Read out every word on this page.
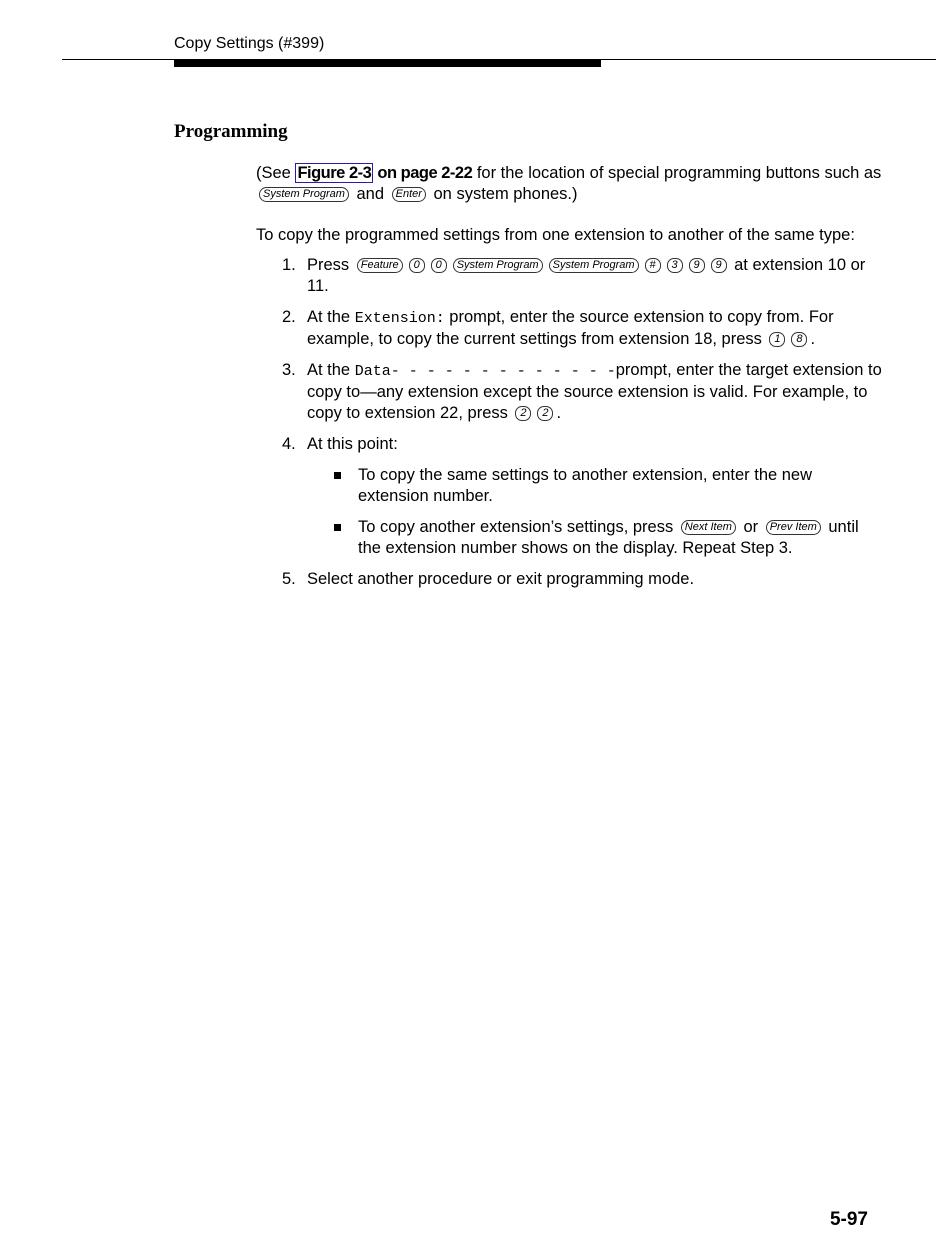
Copy Settings (#399)
Programming

(See Figure 2-3 on page 2-22 for the location of special programming buttons such as System Program and Enter on system phones.)

To copy the programmed settings from one extension to another of the same type:

1. Press Feature 0 0 System Program System Program # 3 9 9 at extension 10 or 11.
2. At the Extension: prompt, enter the source extension to copy from. For example, to copy the current settings from extension 18, press 1 8 .
3. At the Data- - - - - - - - - - - - -prompt, enter the target extension to copy to—any extension except the source extension is valid. For example, to copy to extension 22, press 2 2 .
4. At this point:
To copy the same settings to another extension, enter the new extension number.
To copy another extension’s settings, press Next Item or Prev Item until the extension number shows on the display. Repeat Step 3.
5. Select another procedure or exit programming mode.
5-97
